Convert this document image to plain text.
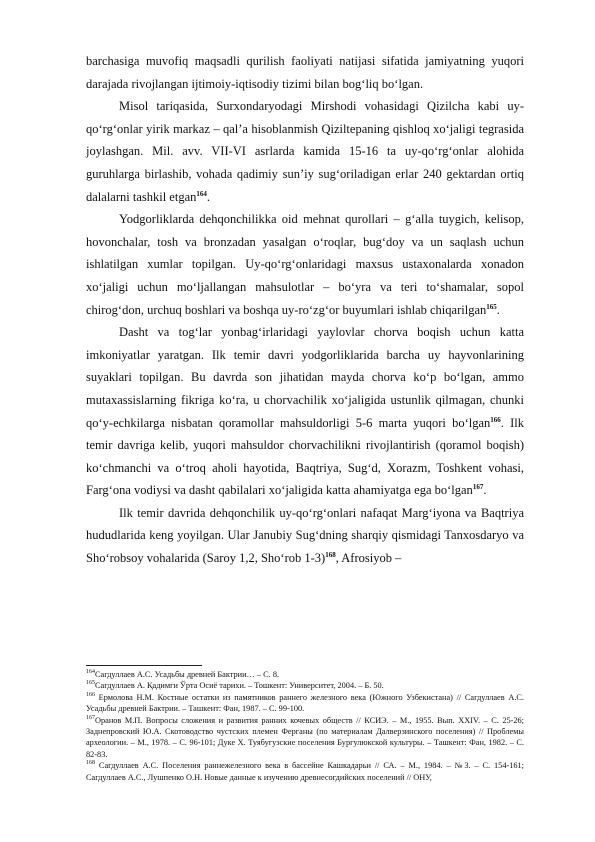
barchasiga muvofiq maqsadli qurilish faoliyati natijasi sifatida jamiyatning yuqori darajada rivojlangan ijtimoiy-iqtisodiy tizimi bilan bog‘liq bo‘lgan.

Misol tariqasida, Surxondaryodagi Mirshodi vohasidagi Qizilcha kabi uy-qo‘rg‘onlar yirik markaz – qal’a hisoblanmish Qiziltepaning qishloq xo‘jaligi tegrasida joylashgan. Mil. avv. VII-VI asrlarda kamida 15-16 ta uy-qo‘rg‘onlar alohida guruhlarga birlashib, vohada qadimiy sun’iy sug‘oriladigan erlar 240 gektardan ortiq dalalarni tashkil etgan$^{164}$.

Yodgorliklarda dehqonchilikka oid mehnat qurollari – g‘alla tuygich, kelisop, hovonchalar, tosh va bronzadan yasalgan o‘roqlar, bug‘doy va un saqlash uchun ishlatilgan xumlar topilgan. Uy-qo‘rg‘onlaridagi maxsus ustaxonalarda xonadon xo‘jaligi uchun mo‘ljallangan mahsulotlar – bo‘yra va teri to‘shamalar, sopol chirog‘don, urchuq boshlari va boshqa uy-ro‘zg‘or buyumlari ishlab chiqarilgan$^{165}$.

Dasht va tog‘lar yonbag‘irlaridagi yaylovlar chorva boqish uchun katta imkoniyatlar yaratgan. Ilk temir davri yodgorliklarida barcha uy hayvonlarining suyaklari topilgan. Bu davrda son jihatidan mayda chorva ko‘p bo‘lgan, ammo mutaxassislarning fikriga ko‘ra, u chorvachilik xo‘jaligida ustunlik qilmagan, chunki qo‘y-echkilarga nisbatan qoramollar mahsuldorligi 5-6 marta yuqori bo‘lgan$^{166}$. Ilk temir davriga kelib, yuqori mahsuldor chorvachilikni rivojlantirish (qoramol boqish) ko‘chmanchi va o‘troq aholi hayotida, Baqtriya, Sug‘d, Xorazm, Toshkent vohasi, Farg‘ona vodiysi va dasht qabilalari xo‘jaligida katta ahamiyatga ega bo‘lgan$^{167}$.

Ilk temir davrida dehqonchilik uy-qo‘rg‘onlari nafaqat Marg‘iyona va Baqtriya hududlarida keng yoyilgan. Ular Janubiy Sug‘dning sharqiy qismidagi Tanxosdaryo va Sho‘robsoy vohalarida (Saroy 1,2, Sho‘rob 1-3)$^{168}$, Afrosiyob –

$^{164}$Сагдуллаев А.С. Усадьбы древней Бактрии… – С. 8.
$^{165}$Сагдуллаев А. Қадимги Ўрта Осиё тарихи. – Тошкент: Университет, 2004. – Б. 50.
$^{166}$ Ермолова Н.М. Костные остатки из памятников раннего железного века (Южного Узбекистана) // Сагдуллаев А.С. Усадьбы древней Бактрии. – Ташкент: Фан, 1987. – С. 99-100.
$^{167}$Оранов М.П. Вопросы сложения и развития ранних кочевых обществ // КСИЭ. – М., 1955. Вып. XXIV. – С. 25-26; Заднепровский Ю.А. Скотоводство чустских племен Ферганы (по материалам Далверзинского поселения) // Проблемы археологии. – М., 1978. – С. 96-101; Дуке Х. Туябугузские поселения Бургулюкской культуры. – Ташкент: Фан, 1982. – С. 82-83.
$^{168}$ Сагдуллаев А.С. Поселения раннежелезного века в бассейне Кашкадарьи // СА. – М., 1984. – №3. – С. 154-161; Сагдуллаев А.С., Лушпенко О.Н. Новые данные к изучению древнесогдийских поселений // ОНУ,
